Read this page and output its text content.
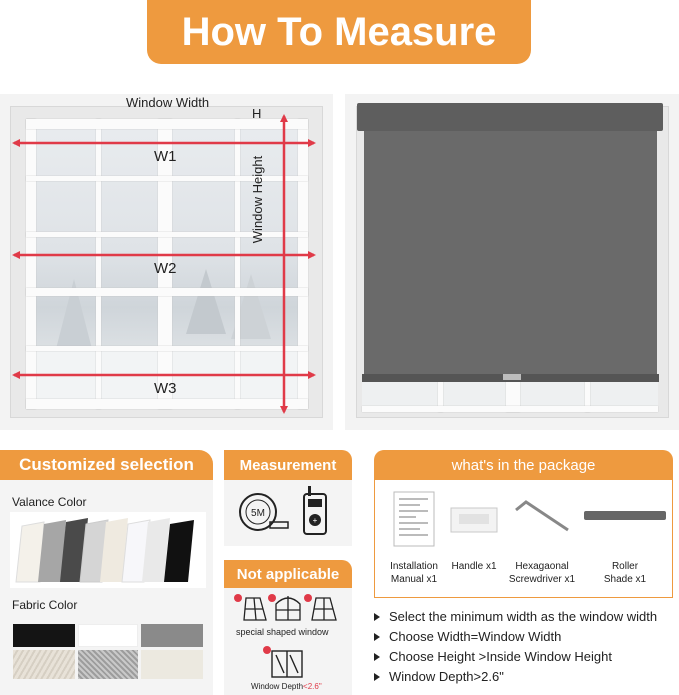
How To Measure
Window Width
H
W1
W2
W3
Window Height
Customized selection
Valance Color
Fabric Color
Measurement
5M
+
Not applicable
special shaped window
Window Depth<2.6"
what's in the package
Installation
Manual x1
Handle x1	Hexagaonal
Screwdriver x1
Roller
Shade x1
Select the minimum width as the window width
Choose Width=Window Width
Choose Height >Inside Window Height
Window Depth>2.6"
